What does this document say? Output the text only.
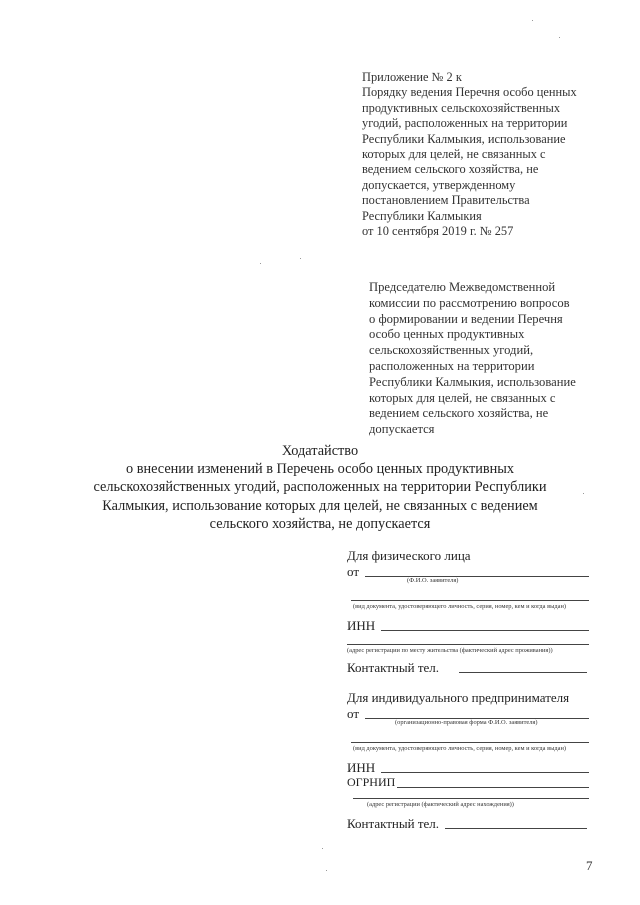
Приложение № 2 к
Порядку ведения Перечня особо ценных
продуктивных сельскохозяйственных
угодий, расположенных на территории
Республики Калмыкия, использование
которых для целей, не связанных с
ведением сельского хозяйства, не
допускается, утвержденному
постановлением Правительства
Республики Калмыкия
от 10 сентября 2019 г. № 257
Председателю Межведомственной
комиссии по рассмотрению вопросов
о формировании и ведении Перечня
особо ценных продуктивных
сельскохозяйственных угодий,
расположенных на территории
Республики Калмыкия, использование
которых для целей, не связанных с
ведением сельского хозяйства, не
допускается
Ходатайство
о внесении изменений в Перечень особо ценных продуктивных
сельскохозяйственных угодий, расположенных на территории Республики
Калмыкия, использование которых для целей, не связанных с ведением
сельского хозяйства, не допускается
Для физического лица
от
(Ф.И.О. заявителя)
(вид документа, удостоверяющего личность, серия, номер, кем и когда выдан)
ИНН
(адрес регистрации по месту жительства (фактический адрес проживания))
Контактный тел.
Для индивидуального предпринимателя
от
(организационно-правовая форма Ф.И.О. заявителя)
(вид документа, удостоверяющего личность, серия, номер, кем и когда выдан)
ИНН
ОГРНИП
(адрес регистрации (фактический адрес нахождения))
Контактный тел.
7
